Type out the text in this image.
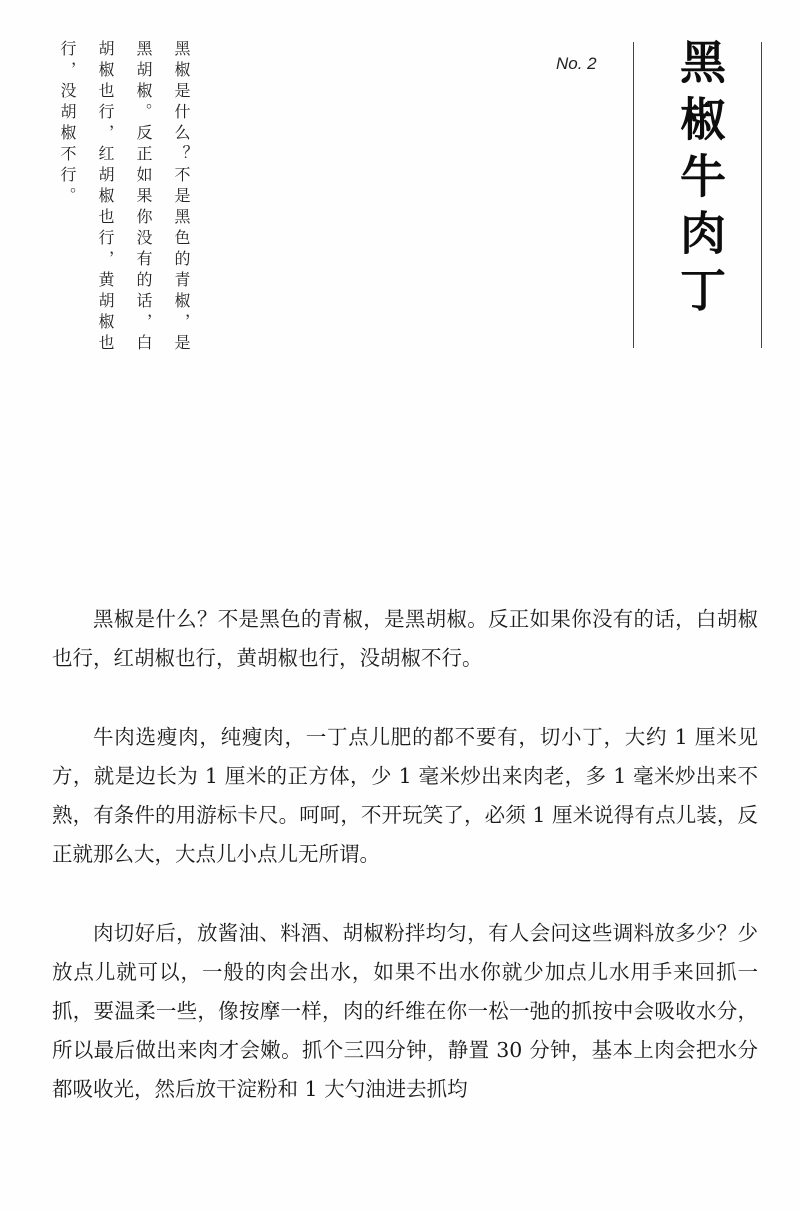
黑椒是什么？不是黑色的青椒，是黑胡椒。反正如果你没有的话，白胡椒也行，红胡椒也行，黄胡椒也行，没胡椒不行。	No. 2 黑椒牛肉丁

黑椒是什么？不是黑色的青椒，是黑胡椒。反正如果你没有的话，白胡椒也行，红胡椒也行，黄胡椒也行，没胡椒不行。

牛肉选瘦肉，纯瘦肉，一丁点儿肥的都不要有，切小丁，大约 1 厘米见方，就是边长为 1 厘米的正方体，少 1 毫米炒出来肉老，多 1 毫米炒出来不熟，有条件的用游标卡尺。呵呵，不开玩笑了，必须 1 厘米说得有点儿装，反正就那么大，大点儿小点儿无所谓。

肉切好后，放酱油、料酒、胡椒粉拌均匀，有人会问这些调料放多少？少放点儿就可以，一般的肉会出水，如果不出水你就少加点儿水用手来回抓一抓，要温柔一些，像按摩一样，肉的纤维在你一松一弛的抓按中会吸收水分，所以最后做出来肉才会嫩。抓个三四分钟，静置 30 分钟，基本上肉会把水分都吸收光，然后放干淀粉和 1 大勺油进去抓均
